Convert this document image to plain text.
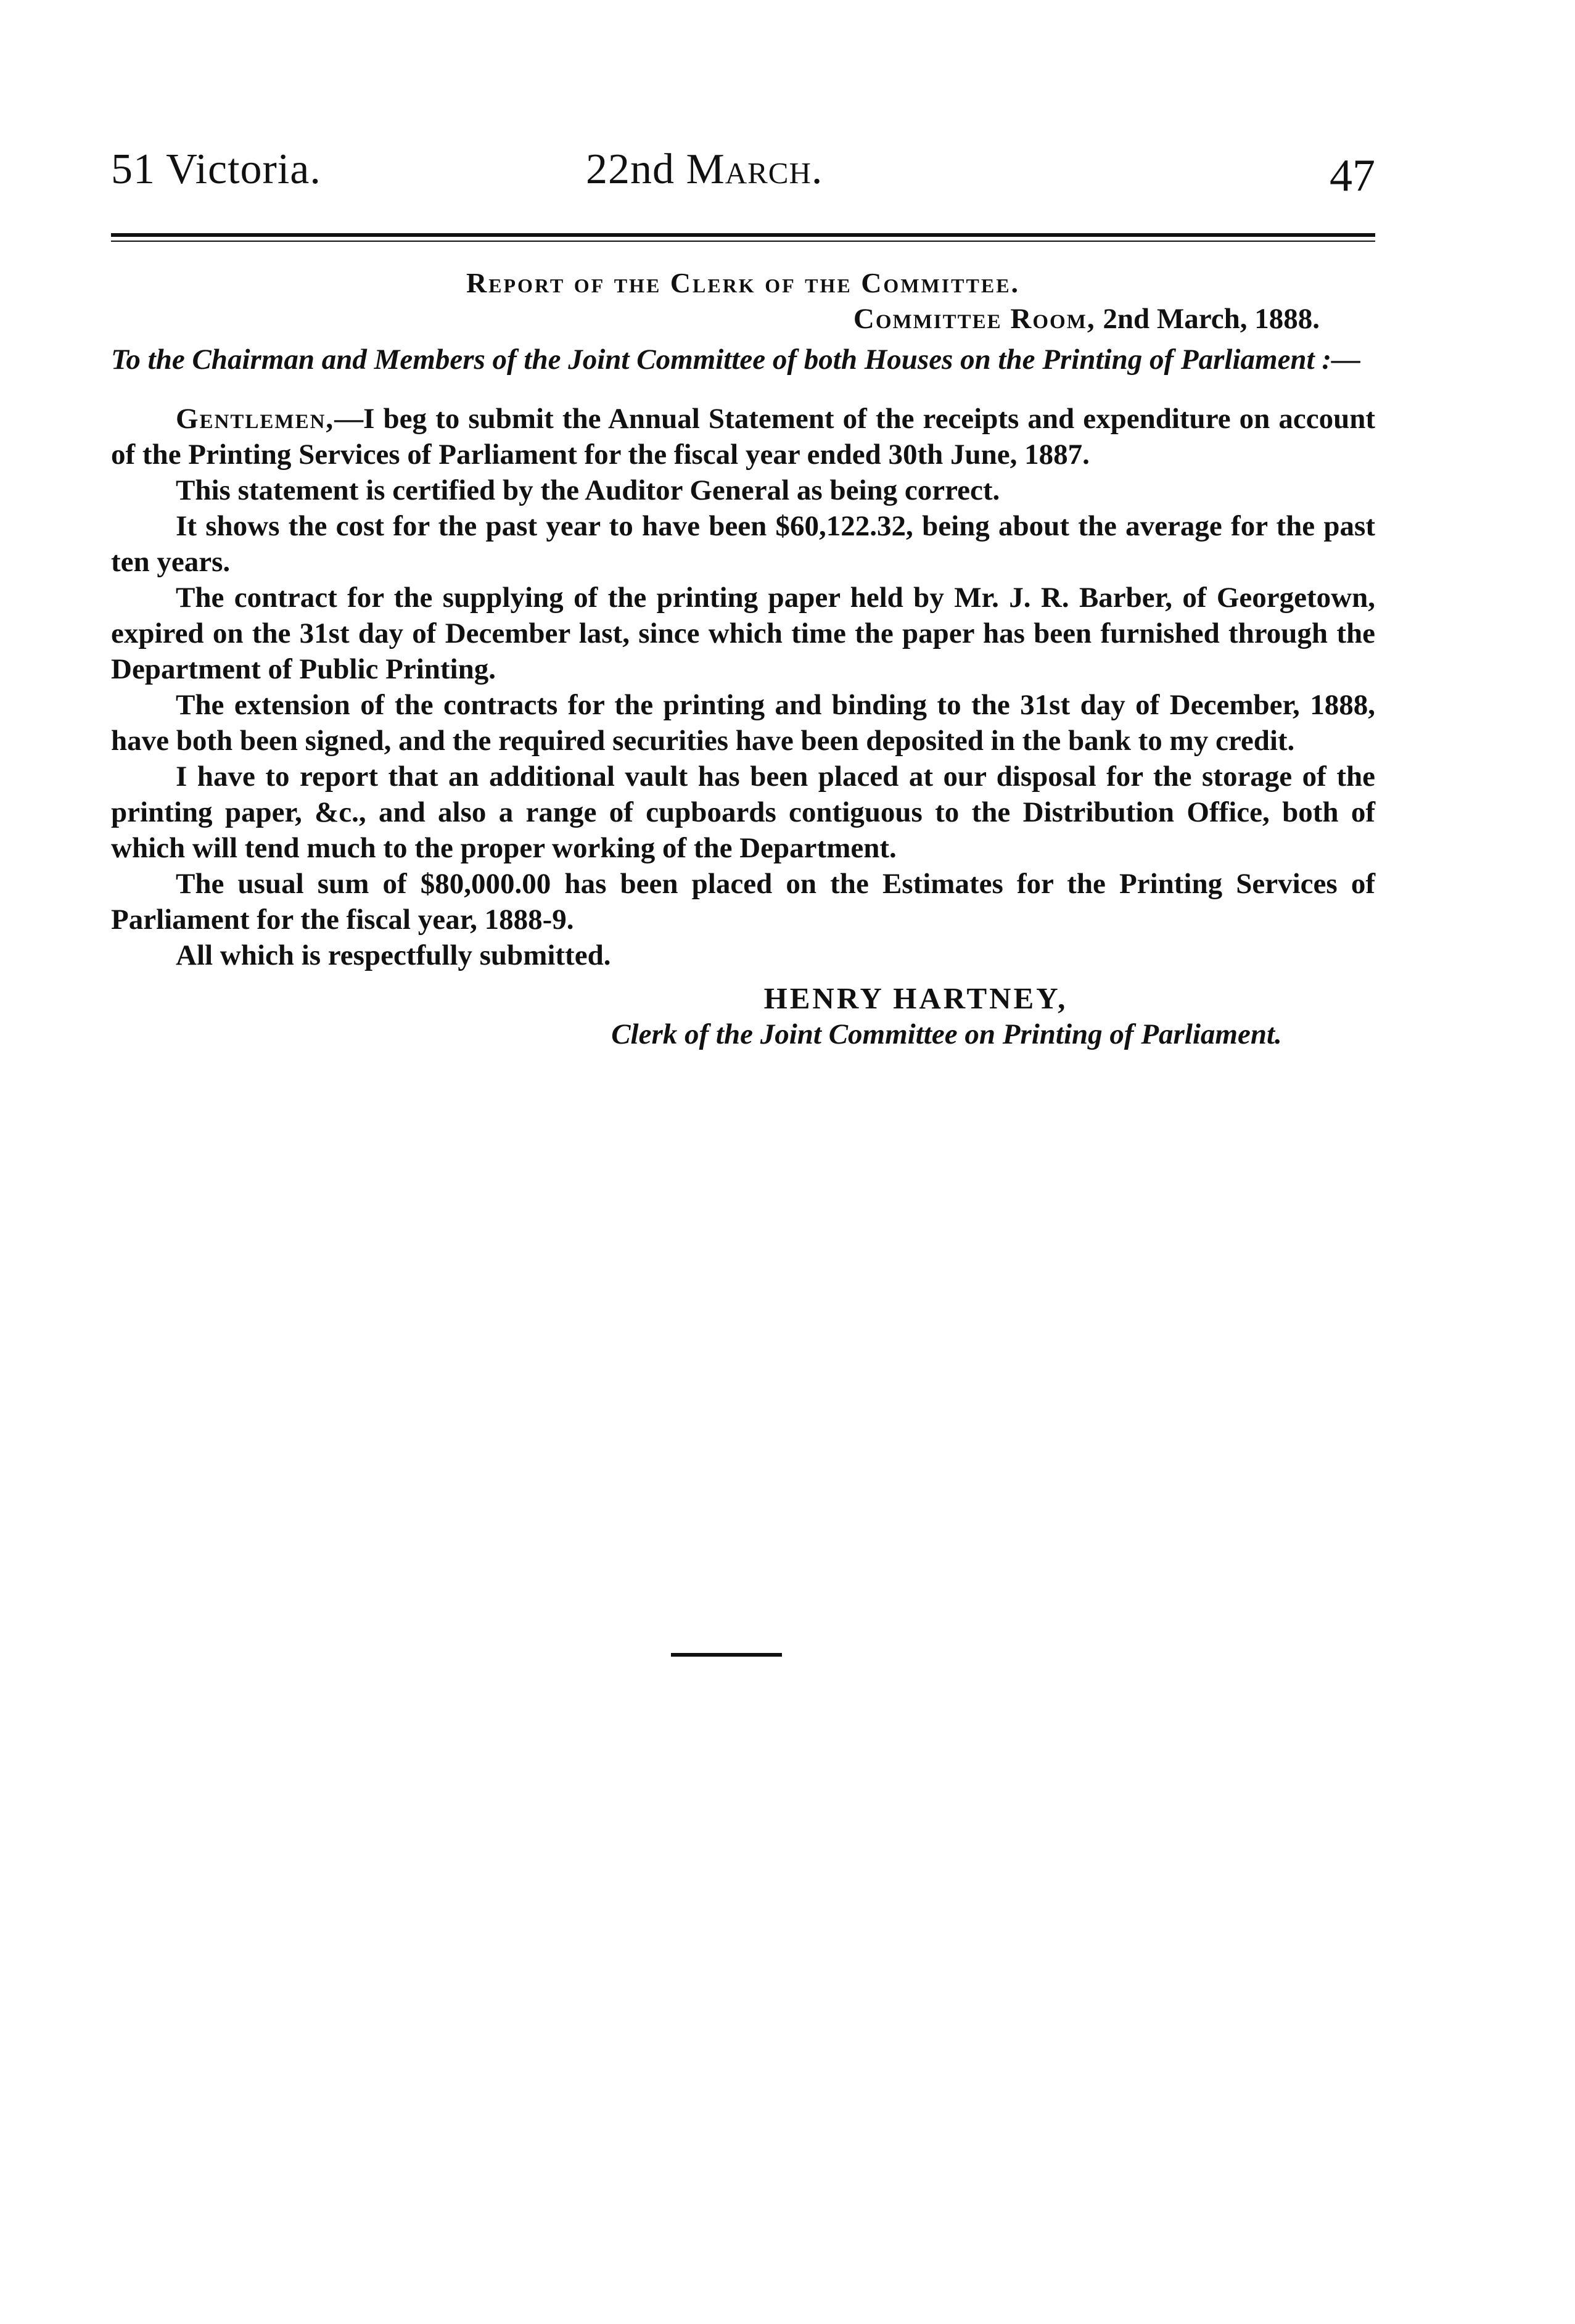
51 Victoria.	22nd March.	47

Report of the Clerk of the Committee.

Committee Room, 2nd March, 1888.

To the Chairman and Members of the Joint Committee of both Houses on the Printing of Parliament :—

Gentlemen,—I beg to submit the Annual Statement of the receipts and expenditure on account of the Printing Services of Parliament for the fiscal year ended 30th June, 1887.

This statement is certified by the Auditor General as being correct.

It shows the cost for the past year to have been $60,122.32, being about the average for the past ten years.

The contract for the supplying of the printing paper held by Mr. J. R. Barber, of Georgetown, expired on the 31st day of December last, since which time the paper has been furnished through the Department of Public Printing.

The extension of the contracts for the printing and binding to the 31st day of December, 1888, have both been signed, and the required securities have been deposited in the bank to my credit.

I have to report that an additional vault has been placed at our disposal for the storage of the printing paper, &c., and also a range of cupboards contiguous to the Distribution Office, both of which will tend much to the proper working of the Department.

The usual sum of $80,000.00 has been placed on the Estimates for the Printing Services of Parliament for the fiscal year, 1888-9.

All which is respectfully submitted.

HENRY HARTNEY,
Clerk of the Joint Committee on Printing of Parliament.
